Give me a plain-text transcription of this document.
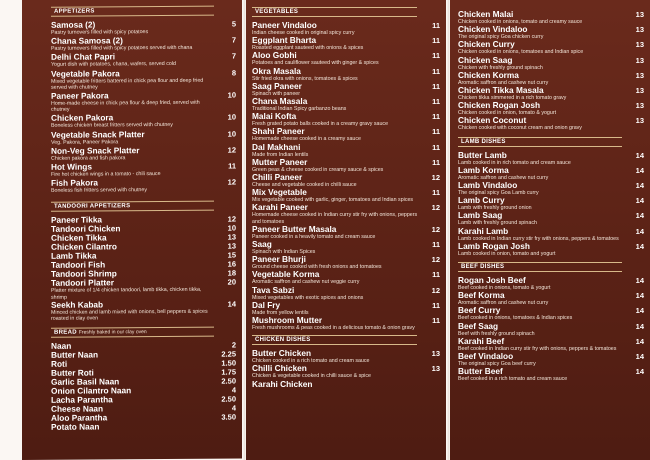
APPETIZERS
Samosa (2)	5
Pastry turnovers filled with spicy potatoes
Chana Samosa (2)	7
Pastry turnovers filled with spicy potatoes served with chana
Delhi Chat Papri	7
Yogurt dish with potatoes, chana, wafers, served cold
Vegetable Pakora	8
Mixed vegetable fritters battered in chick pea flour and deep fried served with chutney
Paneer Pakora	10
Home-made cheese in chick pea flour & deep fried, served with chutney
Chicken Pakora	10
Boneless chicken breast fritters served with chutney
Vegetable Snack Platter	10
Veg. Pakora, Paneer Pakora
Non-Veg Snack Platter	12
Chicken pakora and fish pakora
Hot Wings	11
Fire hot chicken wings in a tomato - chili sauce
Fish Pakora	12
Boneless fish fritters served with chutney
TANDOORI APPETIZERS
Paneer Tikka	12
Tandoori Chicken	10
Chicken Tikka	13
Chicken Cilantro	13
Lamb Tikka	15
Tandoori Fish	16
Tandoori Shrimp	18
Tandoori Platter	20
Platter mixture of 1/4 chicken tandoori, lamb tikka, chicken tikka, shrimp
Seekh Kabab	14
Minced chicken and lamb mixed with onions, bell peppers & spices roasted in clay oven
BREAD Freshly baked in our clay oven
Naan	2
Butter Naan	2.25
Roti	1.50
Butter Roti	1.75
Garlic Basil Naan	2.50
Onion Cilantro Naan	4
Lacha Parantha	2.50
Cheese Naan	4
Aloo Parantha	3.50
Potato Naan
VEGETABLES
Paneer Vindaloo	11
Indian cheese cooked in original spicy curry
Eggplant Bharta	11
Roasted eggplant sauteed with onions & spices
Aloo Gobhi	11
Potatoes and cauliflower sauteed with ginger & spices
Okra Masala	11
Stir fried okra with onions, tomatoes & spices
Saag Paneer	11
Spinach with paneer
Chana Masala	11
Traditional Indian Spicy garbanzo beans
Malai Kofta	11
Fresh grated potato balls cooked in a creamy gravy sauce
Shahi Paneer	11
Homemade cheese cooked in a creamy sauce
Dal Makhani	11
Made from Indian lentils
Mutter Paneer	11
Green peas & cheese cooked in creamy sauce & spices
Chilli Paneer	12
Cheese and vegetable cooked in chilli sauce
Mix Vegetable	11
Mix vegetable cooked with garlic, ginger, tomatoes and Indian spices
Karahi Paneer	12
Homemade cheese cooked in Indian curry stir fry with onions, peppers and tomatoes
Paneer Butter Masala	12
Paneer cooked in a heavily tomato and cream sauce
Saag	11
Spinach with Indian Spices
Paneer Bhurji	12
Ground cheese cooked with fresh onions and tomatoes
Vegetable Korma	11
Aromatic saffron and cashew nut veggie curry
Tava Sabzi	12
Mixed vegetables with exotic spices and onions
Dal Fry	11
Made from yellow lentils
Mushroom Mutter	11
Fresh mushrooms & peas cooked in a delicious tomato & onion gravy
CHICKEN DISHES
Butter Chicken	13
Chicken cooked in a rich tomato and cream sauce
Chilli Chicken	13
Chicken & vegetable cooked in chilli sauce & spice
Karahi Chicken
Chicken Malai	13
Chicken cooked in onions, tomato and creamy sauce
Chicken Vindaloo	13
The original spicy Goa chicken curry
Chicken Curry	13
Chicken cooked in onions, tomatoes and Indian spice
Chicken Saag	13
Chicken with freshly ground spinach
Chicken Korma	13
Aromatic saffron and cashew nut curry
Chicken Tikka Masala	13
Chicken tikka simmered in a rich tomato gravy
Chicken Rogan Josh	13
Chicken cooked in onion, tomato & yogurt
Chicken Coconut	13
Chicken cooked with coconut cream and onion gravy
LAMB DISHES
Butter Lamb	14
Lamb cooked in in rich tomato and cream sauce
Lamb Korma	14
Aromatic saffron and cashew nut curry
Lamb Vindaloo	14
The original spicy Goa Lamb curry
Lamb Curry	14
Lamb with freshly ground onion
Lamb Saag	14
Lamb with freshly ground spinach
Karahi Lamb	14
Lamb cooked in Indian curry stir fry with onions, peppers & tomatoes
Lamb Rogan Josh	14
Lamb cooked in onion, tomato and yogurt
BEEF DISHES
Rogan Josh Beef	14
Beef cooked in onions, tomato & yogurt
Beef Korma	14
Aromatic saffron and cashew nut curry
Beef Curry	14
Beef cooked in onions, tomatoes & Indian spices
Beef Saag	14
Beef with freshly ground spinach
Karahi Beef	14
Beef cooked in Indian curry stir fry with onions, peppers & tomatoes
Beef Vindaloo	14
The original spicy Goa beef curry
Butter Beef	14
Beef cooked in a rich tomato and cream sauce
